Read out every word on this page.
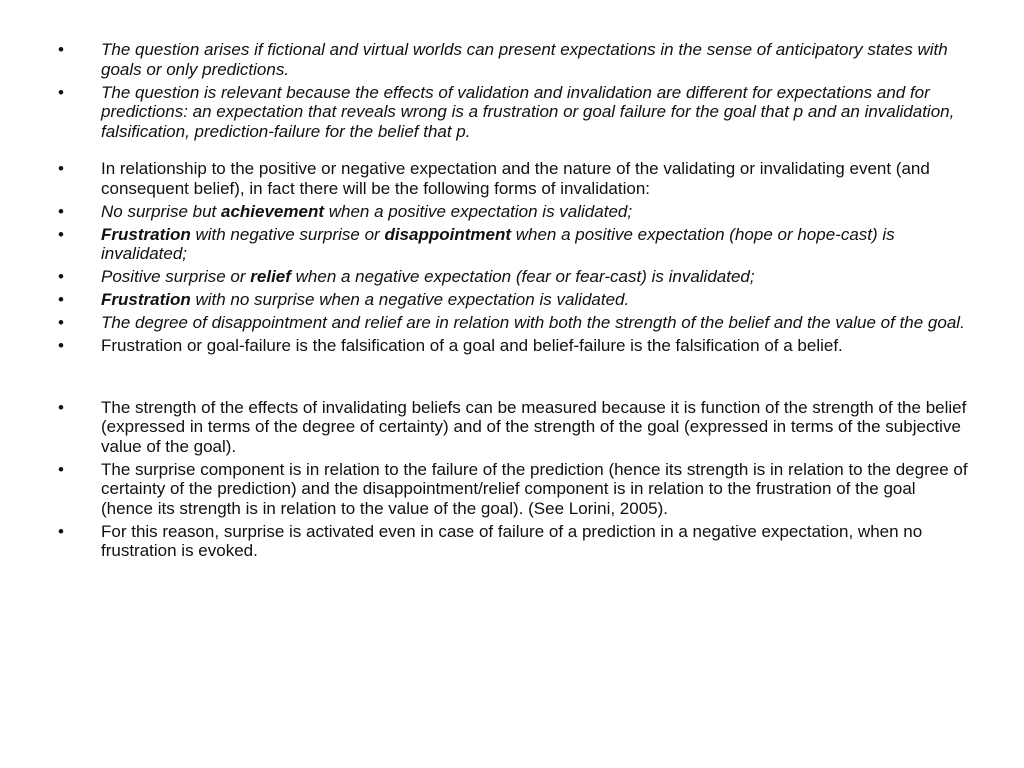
•	The question arises if fictional and virtual worlds can present expectations in the sense of anticipatory states with goals or only predictions.
•	The question is relevant because the effects of validation and invalidation are different for expectations and for predictions: an expectation that reveals wrong is a frustration or goal failure for the goal that p and an invalidation, falsification, prediction-failure for the belief that p.
•	In relationship to the positive or negative expectation and the nature of the validating or invalidating event (and consequent belief), in fact there will be the following forms of invalidation:
•	No surprise but achievement when a positive expectation is validated;
•	Frustration with negative surprise or disappointment when a positive expectation (hope or hope-cast) is invalidated;
•	Positive surprise or relief when a negative expectation (fear or fear-cast) is invalidated;
•	Frustration with no surprise when a negative expectation is validated.
•	The degree of disappointment and relief are in relation with both the strength of the belief and the value of the goal.
•	Frustration or goal-failure is the falsification of a goal and belief-failure is the falsification of a belief.
•	The strength of the effects of invalidating beliefs can be measured because it is function of the strength of the belief (expressed in terms of the degree of certainty) and of the strength of the goal (expressed in terms of the subjective value of the goal).
•	The surprise component is in relation to the failure of the prediction (hence its strength is in relation to the degree of certainty of the prediction) and the disappointment/relief component is in relation to the frustration of the goal (hence its strength is in relation to the value of the goal). (See Lorini, 2005).
•	For this reason, surprise is activated even in case of failure of a prediction in a negative expectation, when no frustration is evoked.
